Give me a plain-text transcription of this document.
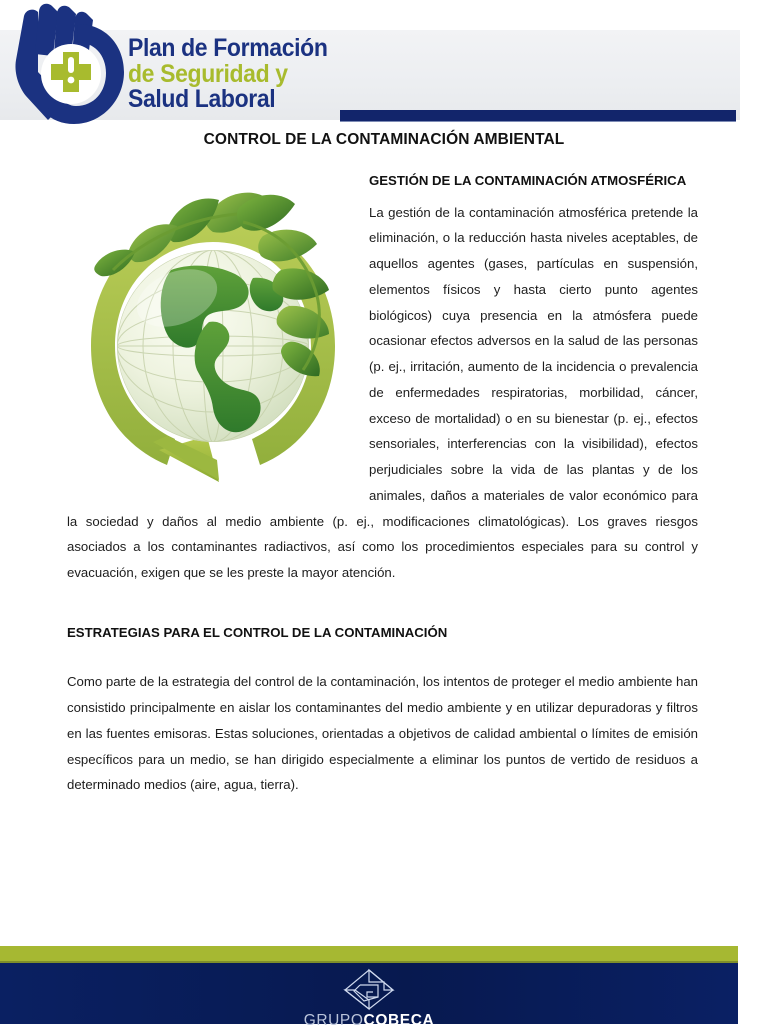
Plan de Formación
de Seguridad y
Salud Laboral
CONTROL DE LA CONTAMINACIÓN AMBIENTAL
GESTIÓN DE LA CONTAMINACIÓN ATMOSFÉRICA

La gestión de la contaminación atmosférica pretende la eliminación, o la reducción hasta niveles aceptables, de aquellos agentes (gases, partículas en suspensión, elementos físicos y hasta cierto punto agentes biológicos) cuya presencia en la atmósfera puede ocasionar efectos adversos en la salud de las personas (p. ej., irritación, aumento de la incidencia o prevalencia de enfermedades respiratorias, morbilidad, cáncer, exceso de mortalidad) o en su bienestar (p. ej., efectos sensoriales, interferencias con la visibilidad), efectos perjudiciales sobre la vida de las plantas y de los animales, daños a materiales de valor económico para la sociedad y daños al medio ambiente (p. ej., modificaciones climatológicas). Los graves riesgos asociados a los contaminantes radiactivos, así como los procedimientos especiales para su control y evacuación, exigen que se les preste la mayor atención.

ESTRATEGIAS PARA EL CONTROL DE LA CONTAMINACIÓN

Como parte de la estrategia del control de la contaminación, los intentos de proteger el medio ambiente han consistido principalmente en aislar los contaminantes del medio ambiente y en utilizar depuradoras y filtros en las fuentes emisoras. Estas soluciones, orientadas a objetivos de calidad ambiental o límites de emisión específicos para un medio, se han dirigido especialmente a eliminar los puntos de vertido de residuos a determinado medios (aire, agua, tierra).

GRUPOCOBECA
